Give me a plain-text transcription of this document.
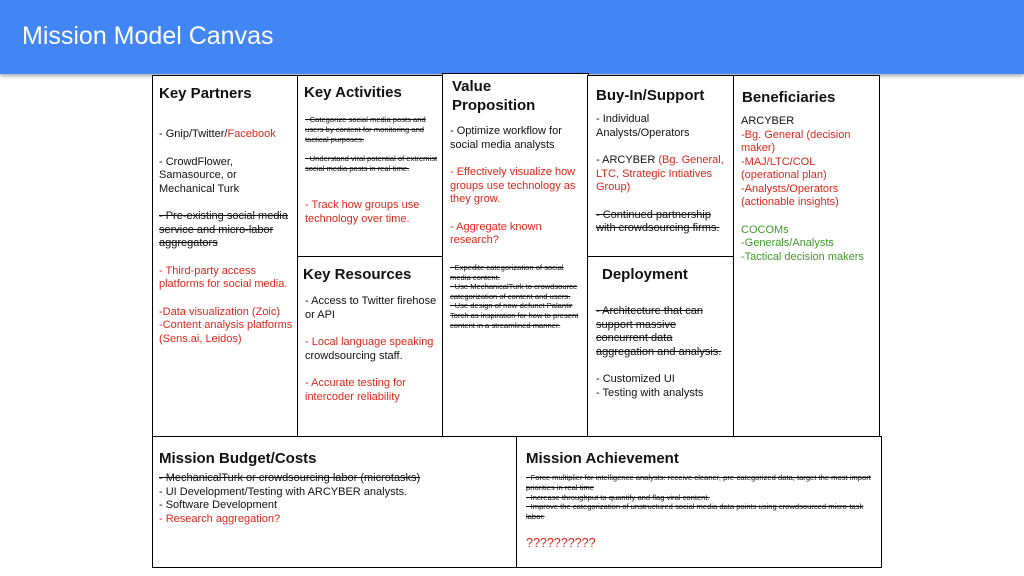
Mission Model Canvas
Key Partners

- Gnip/Twitter/Facebook

- CrowdFlower, Samasource, or Mechanical Turk

- Pre-existing social media service and micro-labor aggregators

- Third-party access platforms for social media.

-Data visualization (Zoic)

-Content analysis platforms (Sens.ai, Leidos)

Key Activities
- Categorize social media posts and users by content for monitoring and tactical purposes.
- Understand viral potential of extremist social media posts in real-time.
- Track how groups use technology over time.
Key Resources

- Access to Twitter firehose or API

- Local language speaking crowdsourcing staff.

- Accurate testing for intercoder reliability

Value Proposition

- Optimize workflow for social media analysts

- Effectively visualize how groups use technology as they grow.

- Aggregate known research?

- Expedite categorization of social media content.

- Use MechanicalTurk to crowdsource categorization of content and users.

- Use design of now-defunct Palantir Torch as inspiration for how to present content in a streamlined manner.

Buy-In/Support

- Individual Analysts/Operators

- ARCYBER (Bg. General, LTC, Strategic Intiatives Group)

- Continued partnership with crowdsourcing firms.

Deployment

- Architecture that can support massive concurrent data aggregation and analysis.

- Customized UI

- Testing with analysts

Beneficiaries

ARCYBER

-Bg. General (decision maker)

-MAJ/LTC/COL (operational plan)

-Analysts/Operators (actionable insights)

COCOMs

-Generals/Analysts

-Tactical decision makers

Mission Budget/Costs

- MechanicalTurk or crowdsourcing labor (microtasks)

- UI Development/Testing with ARCYBER analysts.

- Software Development

- Research aggregation?

Mission Achievement

- Force multiplier for intelligence analysts: receive cleaner, pre-categorized data, target the most import priorities in real time

- Increase throughput to quantify and flag viral content.

- Improve the categorization of unstructured social media data points using crowdsourced micro-task labor.

??????????
